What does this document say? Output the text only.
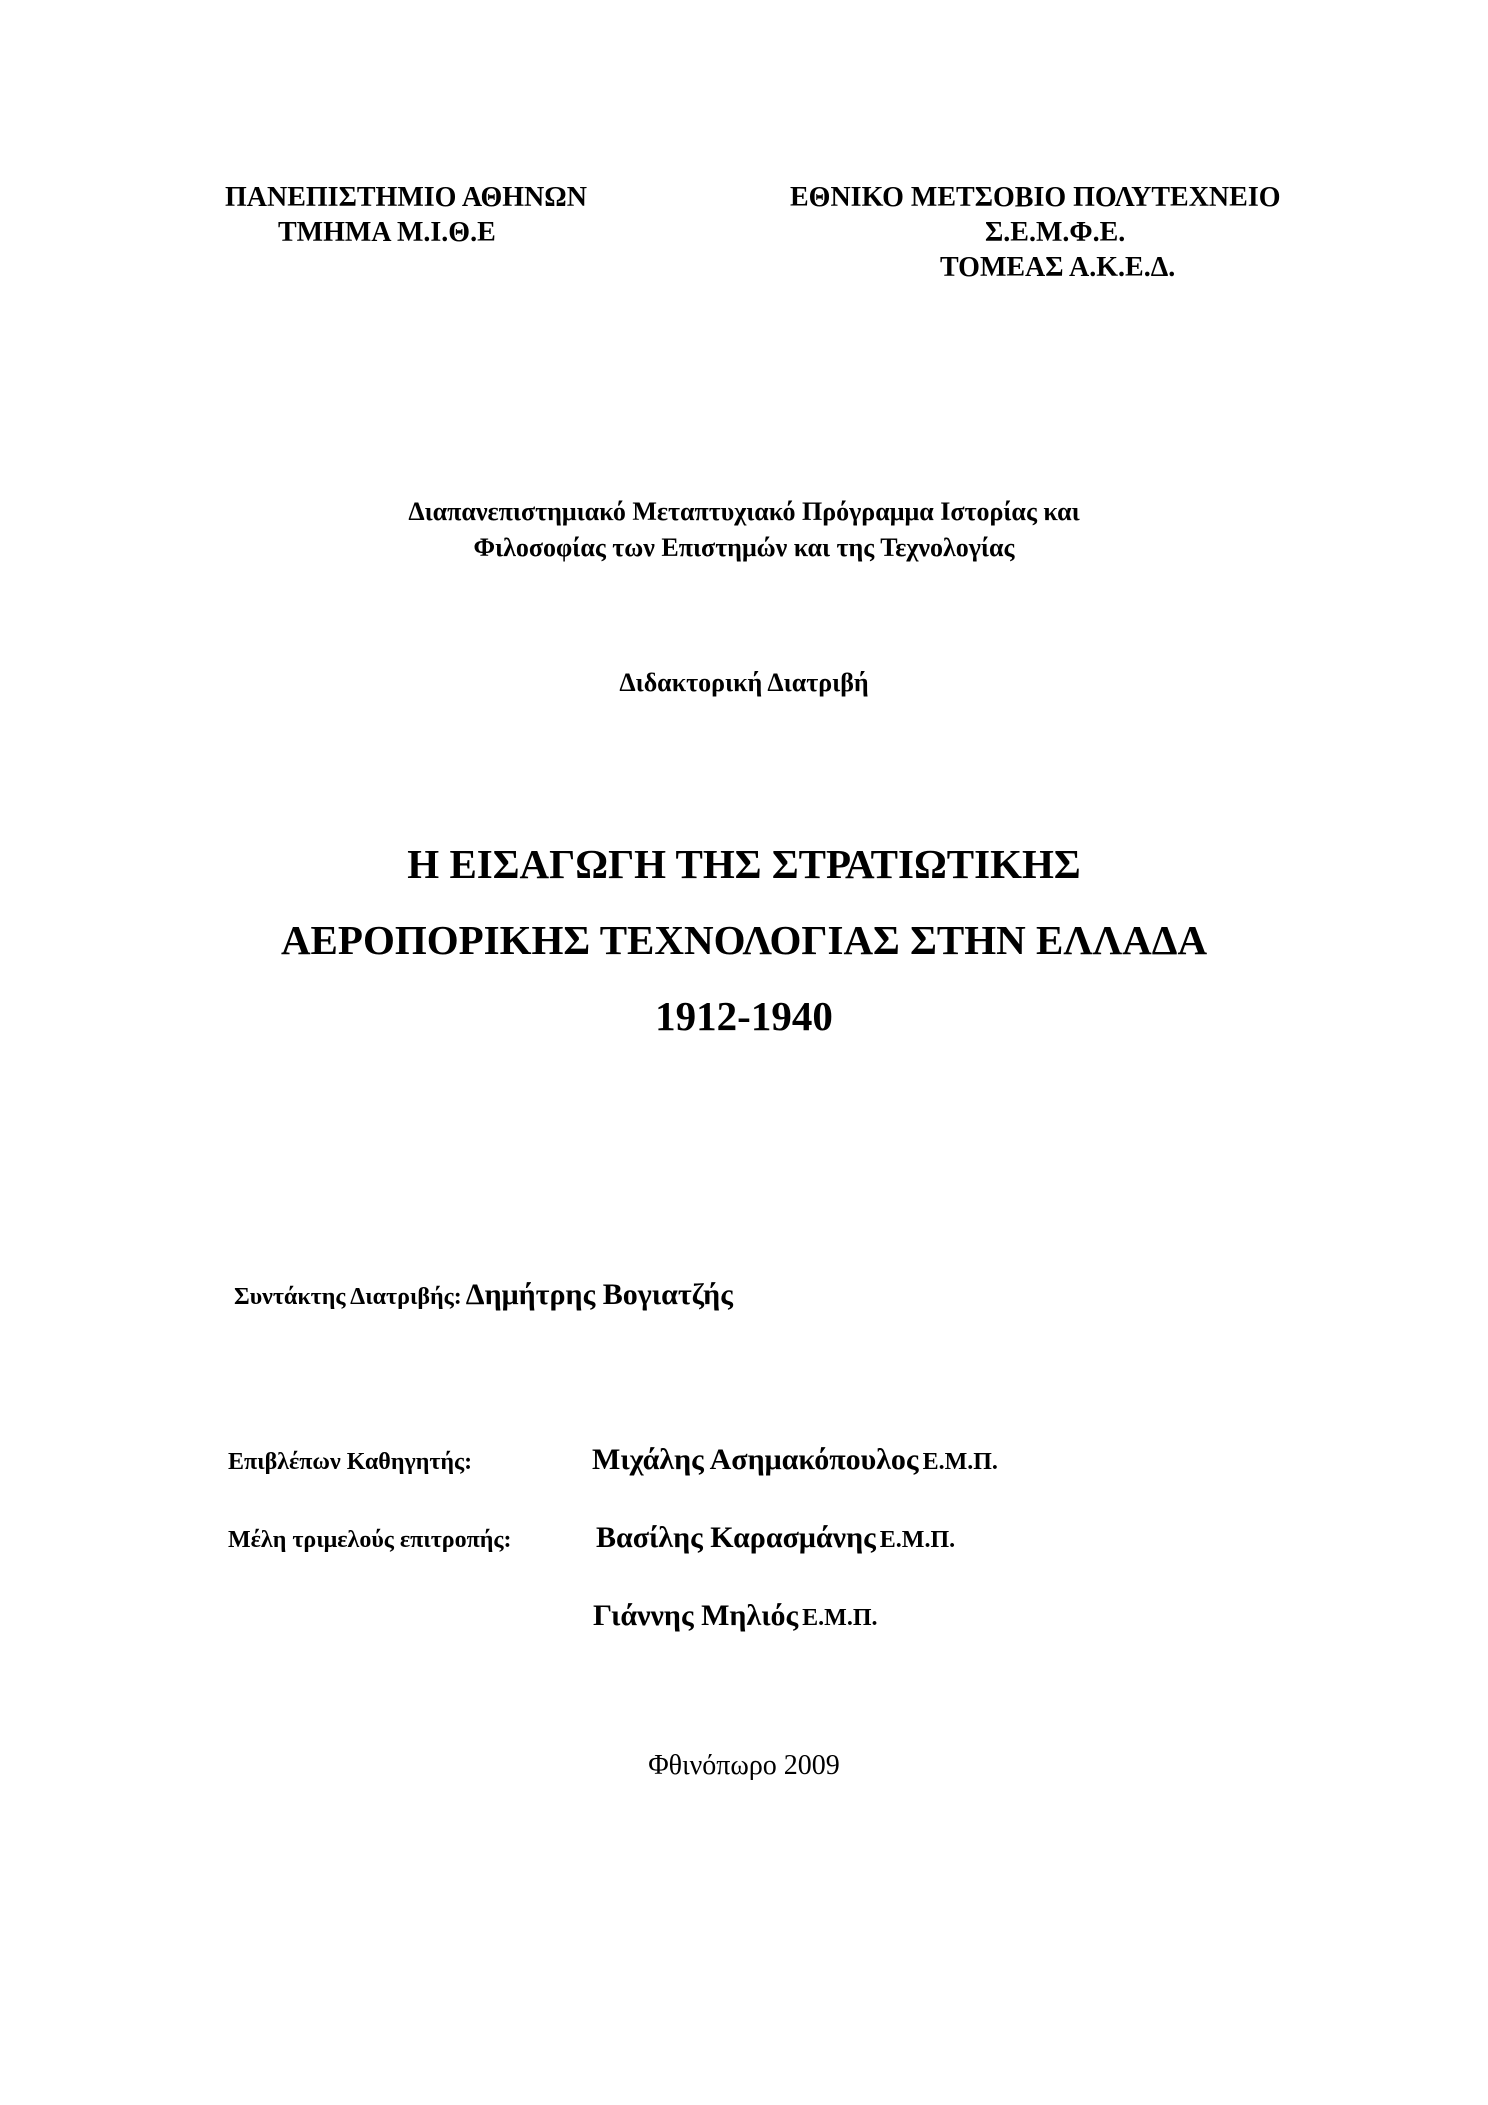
ΠΑΝΕΠΙΣΤΗΜΙΟ ΑΘΗΝΩΝ
ΤΜΗΜΑ Μ.Ι.Θ.Ε
ΕΘΝΙΚΟ ΜΕΤΣΟΒΙΟ ΠΟΛΥΤΕΧΝΕΙΟ
Σ.Ε.Μ.Φ.Ε.
ΤΟΜΕΑΣ Α.Κ.Ε.Δ.
Διαπανεπιστημιακό Μεταπτυχιακό Πρόγραμμα Ιστορίας και
Φιλοσοφίας των Επιστημών και της Τεχνολογίας
Διδακτορική Διατριβή
Η ΕΙΣΑΓΩΓΗ ΤΗΣ ΣΤΡΑΤΙΩΤΙΚΗΣ
ΑΕΡΟΠΟΡΙΚΗΣ ΤΕΧΝΟΛΟΓΙΑΣ ΣΤΗΝ ΕΛΛΑΔΑ
1912-1940
Συντάκτης Διατριβής: Δημήτρης Βογιατζής
Επιβλέπων Καθηγητής:	Μιχάλης Ασημακόπουλος Ε.Μ.Π.
Μέλη τριμελούς επιτροπής:	Βασίλης Καρασμάνης Ε.Μ.Π.
Γιάννης Μηλιός Ε.Μ.Π.
Φθινόπωρο 2009
